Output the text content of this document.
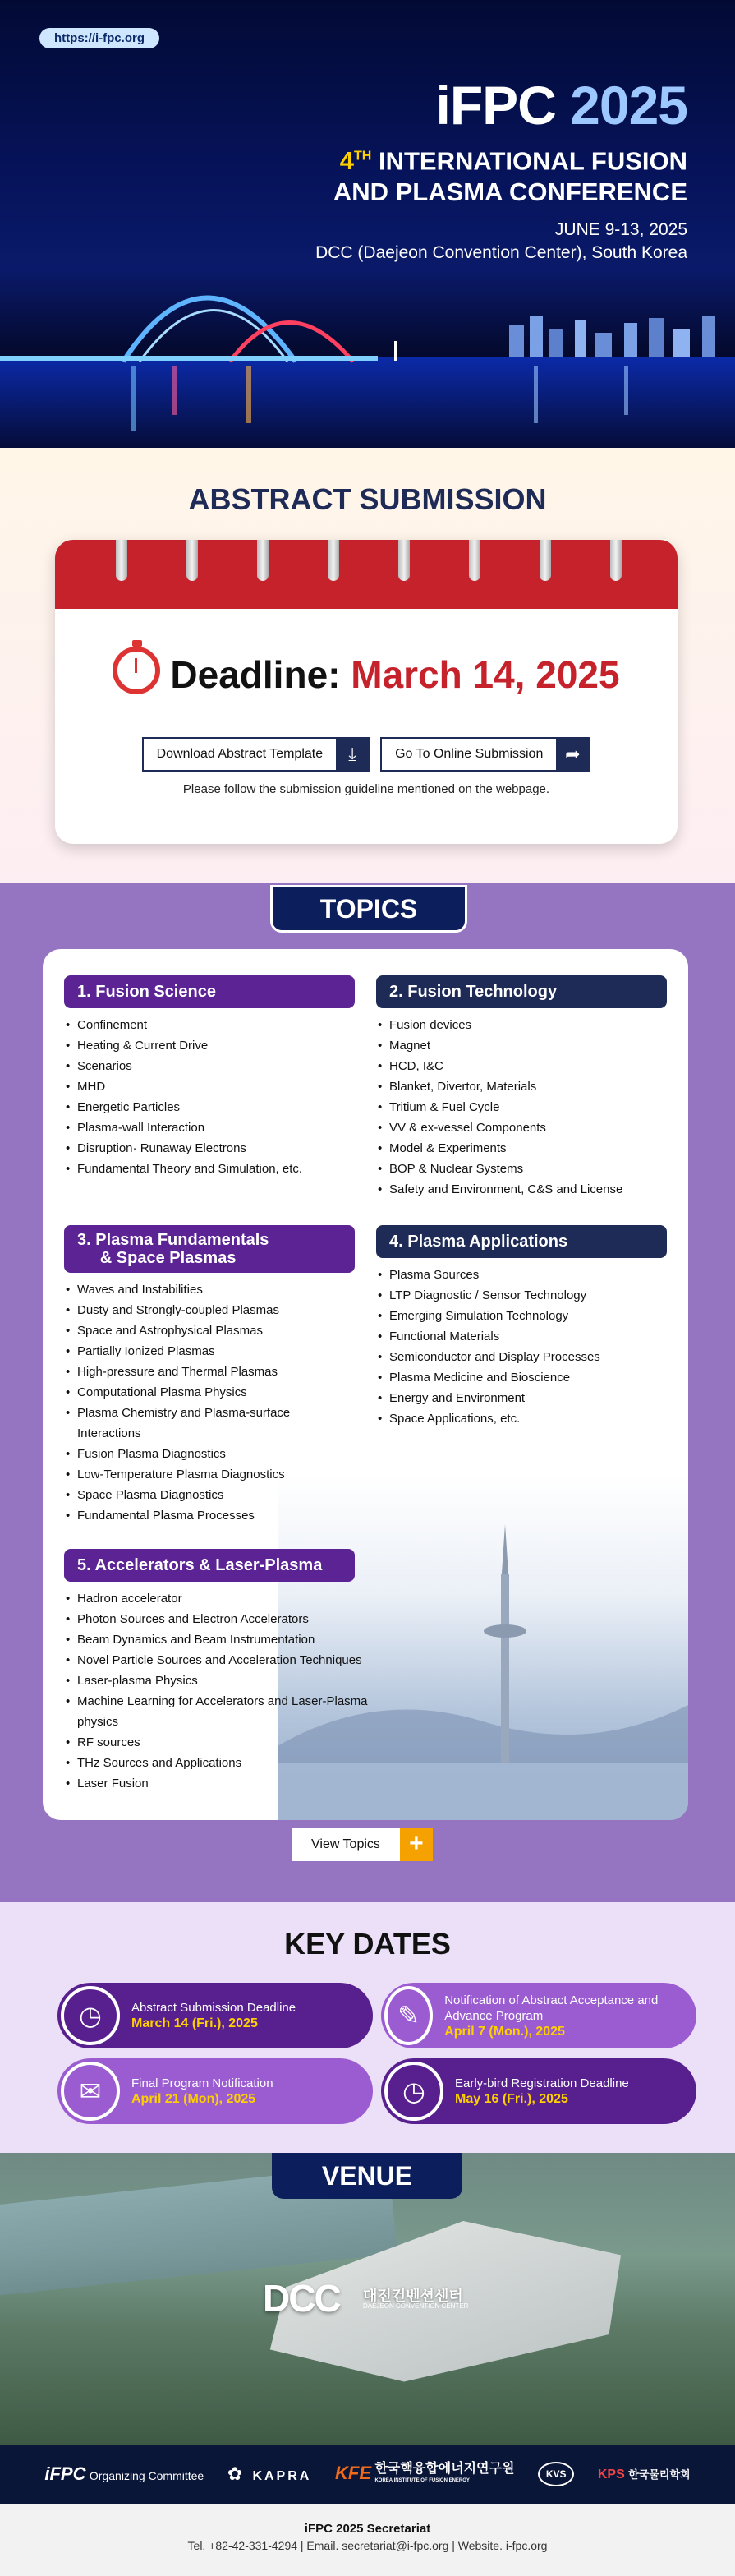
https://i-fpc.org
iFPC 2025
4TH INTERNATIONAL FUSION
AND PLASMA CONFERENCE
JUNE 9-13, 2025
DCC (Daejeon Convention Center), South Korea
ABSTRACT SUBMISSION
Deadline: March 14, 2025
Download Abstract Template	⤓	Go To Online Submission	➦
Please follow the submission guideline mentioned on the webpage.
TOPICS
1. Fusion Science
• Confinement
• Heating & Current Drive
• Scenarios
• MHD
• Energetic Particles
• Plasma-wall Interaction
• Disruption· Runaway Electrons
• Fundamental Theory and Simulation, etc.
2. Fusion Technology
• Fusion devices
• Magnet
• HCD, I&C
• Blanket, Divertor, Materials
• Tritium & Fuel Cycle
• VV & ex-vessel Components
• Model & Experiments
• BOP & Nuclear Systems
• Safety and Environment, C&S and License
3. Plasma Fundamentals
& Space Plasmas
• Waves and Instabilities
• Dusty and Strongly-coupled Plasmas
• Space and Astrophysical Plasmas
• Partially Ionized Plasmas
• High-pressure and Thermal Plasmas
• Computational Plasma Physics
• Plasma Chemistry and Plasma-surface Interactions
• Fusion Plasma Diagnostics
• Low-Temperature Plasma Diagnostics
• Space Plasma Diagnostics
• Fundamental Plasma Processes
4. Plasma Applications
• Plasma Sources
• LTP Diagnostic / Sensor Technology
• Emerging Simulation Technology
• Functional Materials
• Semiconductor and Display Processes
• Plasma Medicine and Bioscience
• Energy and Environment
• Space Applications, etc.
5. Accelerators & Laser-Plasma
• Hadron accelerator
• Photon Sources and Electron Accelerators
• Beam Dynamics and Beam Instrumentation
• Novel Particle Sources and Acceleration Techniques
• Laser-plasma Physics
• Machine Learning for Accelerators and Laser-Plasma physics
• RF sources
• THz Sources and Applications
• Laser Fusion
View Topics	+
KEY DATES
◷	Abstract Submission Deadline
March 14 (Fri.), 2025	✎
Notification of Abstract Acceptance and Advance Program
April 7 (Mon.), 2025
✉	Final Program Notification
April 21 (Mon), 2025	◷	Early-bird Registration Deadline
May 16 (Fri.), 2025
VENUE
DCC 대전컨벤션센터
DAEJEON CONVENTION CENTER
iFPC Organizing Committee ✿ KAPRA KFE 한국핵융합에너지연구원
KOREA INSTITUTE OF FUSION ENERGY
KVS	KPS 한국물리학회
iFPC 2025 Secretariat
Tel. +82-42-331-4294 | Email. secretariat@i-fpc.org | Website. i-fpc.org
